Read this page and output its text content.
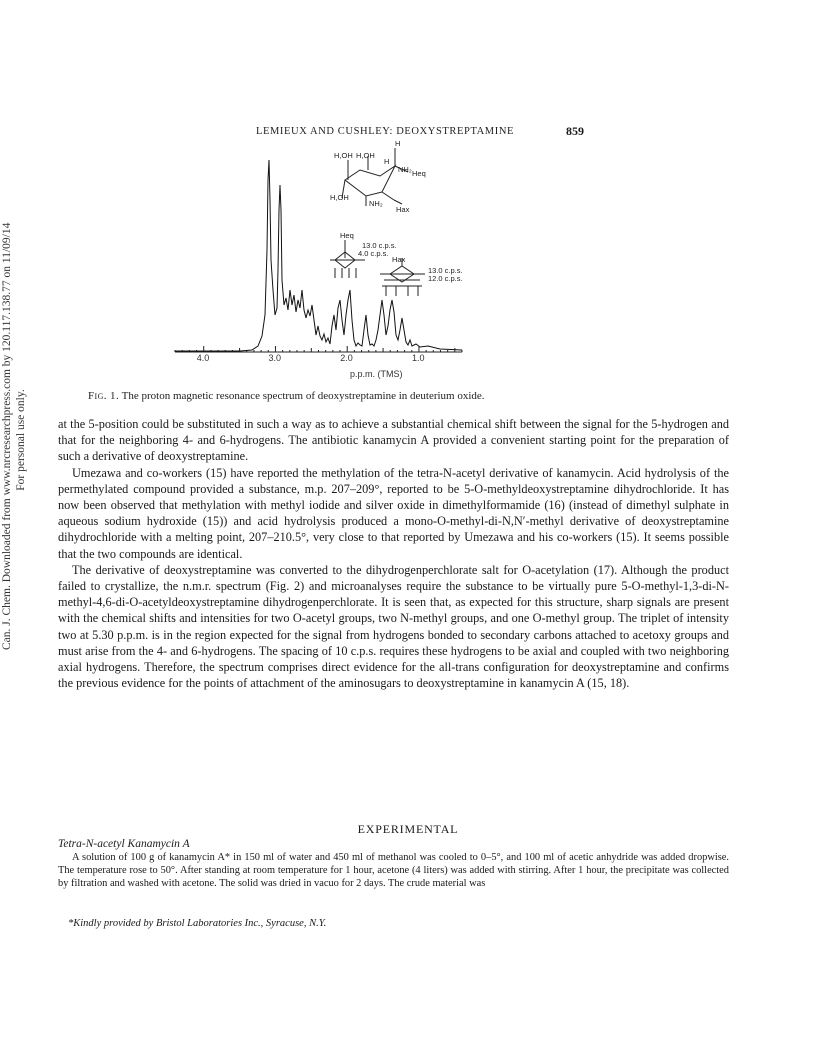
Can. J. Chem. Downloaded from www.nrcresearchpress.com by 120.117.138.77 on 11/09/14 For personal use only.
LEMIEUX AND CUSHLEY: DEOXYSTREPTAMINE	859
H
H,OH H,OH
H
NH₂
H,OH
NH₂
Heq
Hax
Heq
13.0 c.p.s.
4.0 c.p.s.
Hax
13.0 c.p.s.
12.0 c.p.s.
4.0	3.0	2.0	1.0
p.p.m. (TMS)
Fig. 1. The proton magnetic resonance spectrum of deoxystreptamine in deuterium oxide.

at the 5-position could be substituted in such a way as to achieve a substantial chemical shift between the signal for the 5-hydrogen and that for the neighboring 4- and 6-hydrogens. The antibiotic kanamycin A provided a convenient starting point for the preparation of such a derivative of deoxystreptamine.

Umezawa and co-workers (15) have reported the methylation of the tetra-N-acetyl derivative of kanamycin. Acid hydrolysis of the permethylated compound provided a substance, m.p. 207–209°, reported to be 5-O-methyldeoxystreptamine dihydrochloride. It has now been observed that methylation with methyl iodide and silver oxide in dimethylformamide (16) (instead of dimethyl sulphate in aqueous sodium hydroxide (15)) and acid hydrolysis produced a mono-O-methyl-di-N,N′-methyl derivative of deoxystreptamine dihydrochloride with a melting point, 207–210.5°, very close to that reported by Umezawa and his co-workers (15). It seems possible that the two compounds are identical.

The derivative of deoxystreptamine was converted to the dihydrogenperchlorate salt for O-acetylation (17). Although the product failed to crystallize, the n.m.r. spectrum (Fig. 2) and microanalyses require the substance to be virtually pure 5-O-methyl-1,3-di-N-methyl-4,6-di-O-acetyldeoxystreptamine dihydrogenperchlorate. It is seen that, as expected for this structure, sharp signals are present with the chemical shifts and intensities for two O-acetyl groups, two N-methyl groups, and one O-methyl group. The triplet of intensity two at 5.30 p.p.m. is in the region expected for the signal from hydrogens bonded to secondary carbons attached to acetoxy groups and must arise from the 4- and 6-hydrogens. The spacing of 10 c.p.s. requires these hydrogens to be axial and coupled with two neighboring axial hydrogens. Therefore, the spectrum comprises direct evidence for the all-trans configuration for deoxystreptamine and confirms the previous evidence for the points of attachment of the aminosugars to deoxystreptamine in kanamycin A (15, 18).

EXPERIMENTAL
Tetra-N-acetyl Kanamycin A

A solution of 100 g of kanamycin A* in 150 ml of water and 450 ml of methanol was cooled to 0–5°, and 100 ml of acetic anhydride was added dropwise. The temperature rose to 50°. After standing at room temperature for 1 hour, acetone (4 liters) was added with stirring. After 1 hour, the precipitate was collected by filtration and washed with acetone. The solid was dried in vacuo for 2 days. The crude material was

*Kindly provided by Bristol Laboratories Inc., Syracuse, N.Y.
